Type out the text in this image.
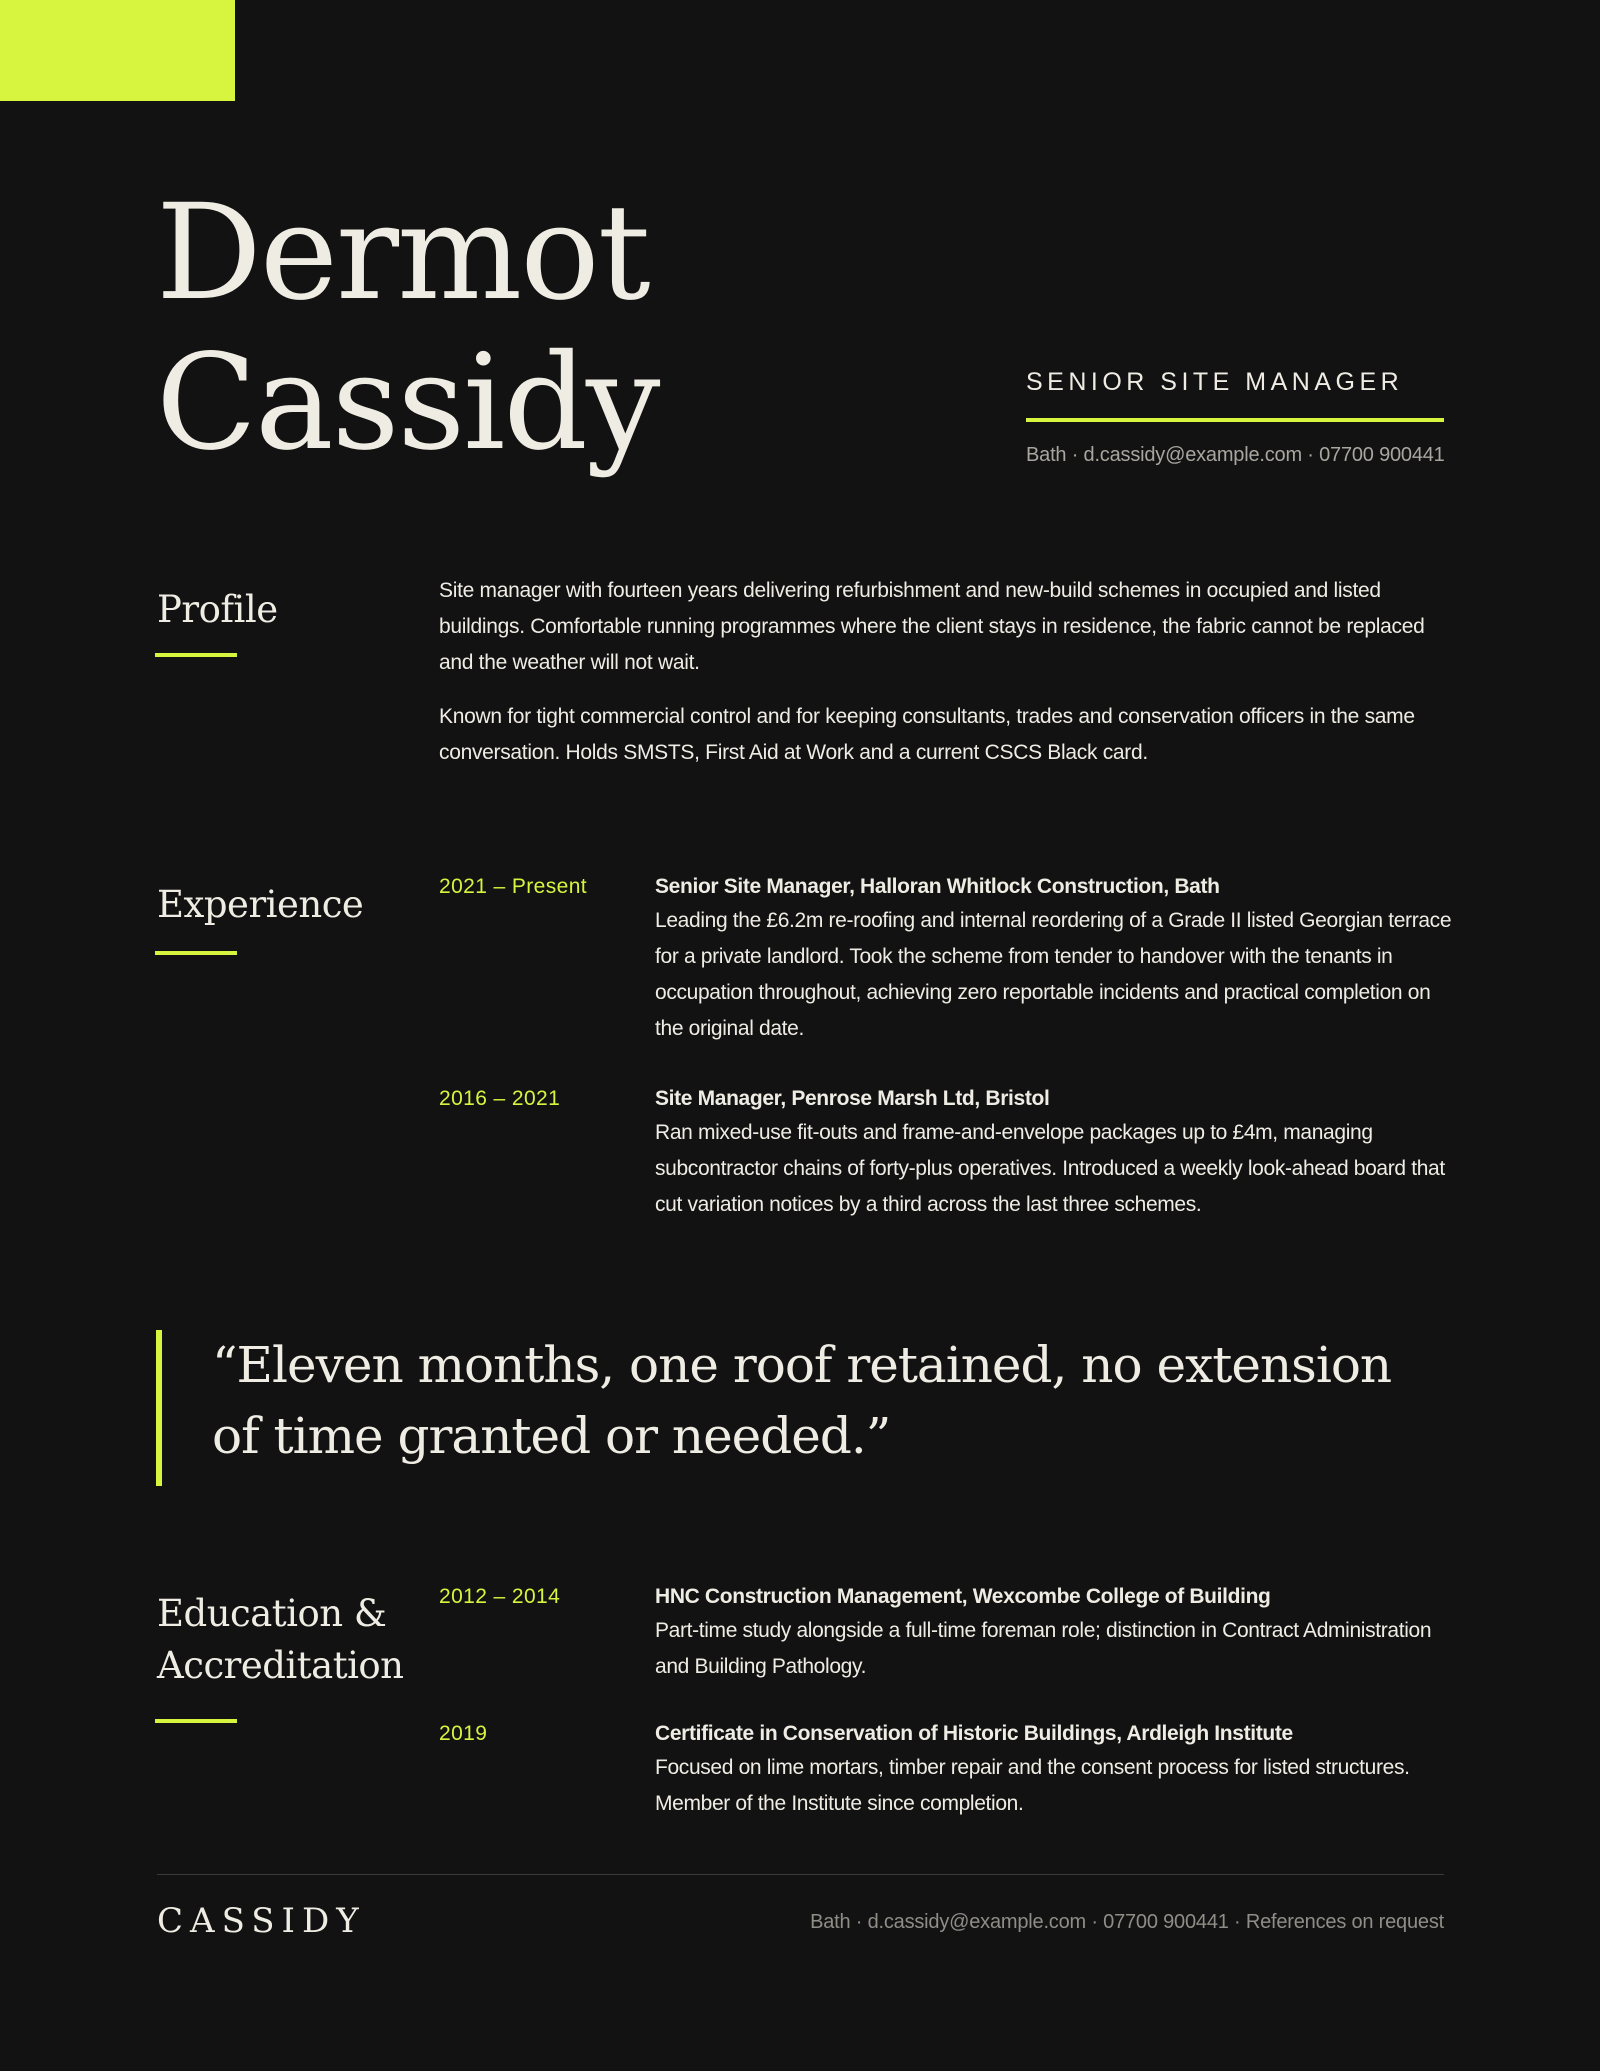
Dermot
Cassidy	SENIOR SITE MANAGER
Bath · d.cassidy@example.com · 07700 900441
Profile	Site manager with fourteen years delivering refurbishment and new-build schemes in occupied and listed buildings. Comfortable running programmes where the client stays in residence, the fabric cannot be replaced and the weather will not wait.

Known for tight commercial control and for keeping consultants, trades and conservation officers in the same conversation. Holds SMSTS, First Aid at Work and a current CSCS Black card.

Experience	2021 – Present	Senior Site Manager, Halloran Whitlock Construction, Bath
Leading the £6.2m re-roofing and internal reordering of a Grade II listed Georgian terrace for a private landlord. Took the scheme from tender to handover with the tenants in occupation throughout, achieving zero reportable incidents and practical completion on the original date.
2016 – 2021	Site Manager, Penrose Marsh Ltd, Bristol
Ran mixed-use fit-outs and frame-and-envelope packages up to £4m, managing subcontractor chains of forty-plus operatives. Introduced a weekly look-ahead board that cut variation notices by a third across the last three schemes.

“Eleven months, one roof retained, no extension of time granted or needed.”

Education &
Accreditation
2012 – 2014	HNC Construction Management, Wexcombe College of Building
Part-time study alongside a full-time foreman role; distinction in Contract Administration and Building Pathology.
2019	Certificate in Conservation of Historic Buildings, Ardleigh Institute
Focused on lime mortars, timber repair and the consent process for listed structures. Member of the Institute since completion.
CASSIDY	Bath · d.cassidy@example.com · 07700 900441 · References on request
